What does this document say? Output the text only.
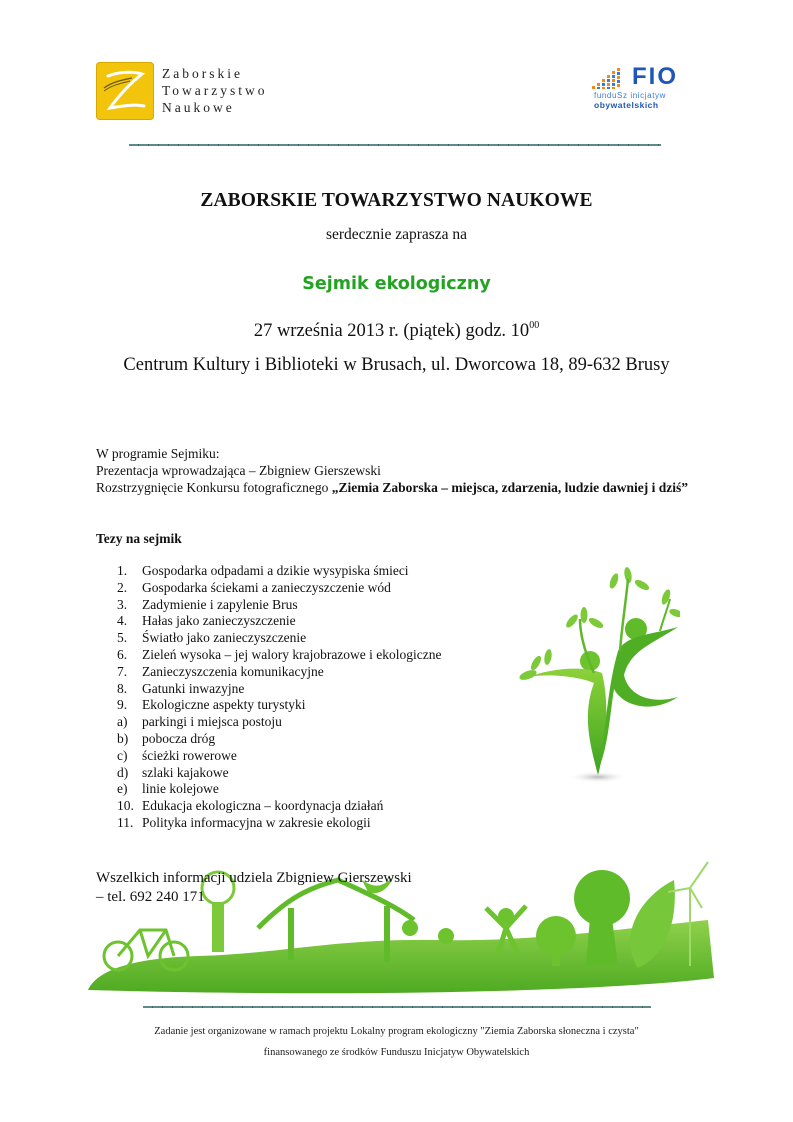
Zaborskie
Towarzystwo
Naukowe
FIO
funduSz inicjatyw
obywatelskich
ZABORSKIE TOWARZYSTWO NAUKOWE
serdecznie zaprasza na
Sejmik ekologiczny
27 września 2013 r. (piątek) godz. $10^{00}$
Centrum Kultury i Biblioteki w Brusach, ul. Dworcowa 18, 89-632 Brusy
W programie Sejmiku:
Prezentacja wprowadzająca – Zbigniew Gierszewski
Rozstrzygnięcie Konkursu fotograficznego „Ziemia Zaborska – miejsca, zdarzenia, ludzie dawniej i dziś”
Tezy na sejmik
1.	Gospodarka odpadami a dzikie wysypiska śmieci
2.	Gospodarka ściekami a zanieczyszczenie wód
3.	Zadymienie i zapylenie Brus
4.	Hałas jako zanieczyszczenie
5.	Światło jako zanieczyszczenie
6.	Zieleń wysoka – jej walory krajobrazowe i ekologiczne
7.	Zanieczyszczenia komunikacyjne
8.	Gatunki inwazyjne
9.	Ekologiczne aspekty turystyki
a)	parkingi i miejsca postoju
b)	pobocza dróg
c)	ścieżki rowerowe
d)	szlaki kajakowe
e)	linie kolejowe
10. Edukacja ekologiczna – koordynacja działań
11. Polityka informacyjna w zakresie ekologii
Wszelkich informacji udziela Zbigniew Gierszewski
– tel. 692 240 171
Zadanie jest organizowane w ramach projektu Lokalny program ekologiczny "Ziemia Zaborska słoneczna i czysta"
finansowanego ze środków Funduszu Inicjatyw Obywatelskich
